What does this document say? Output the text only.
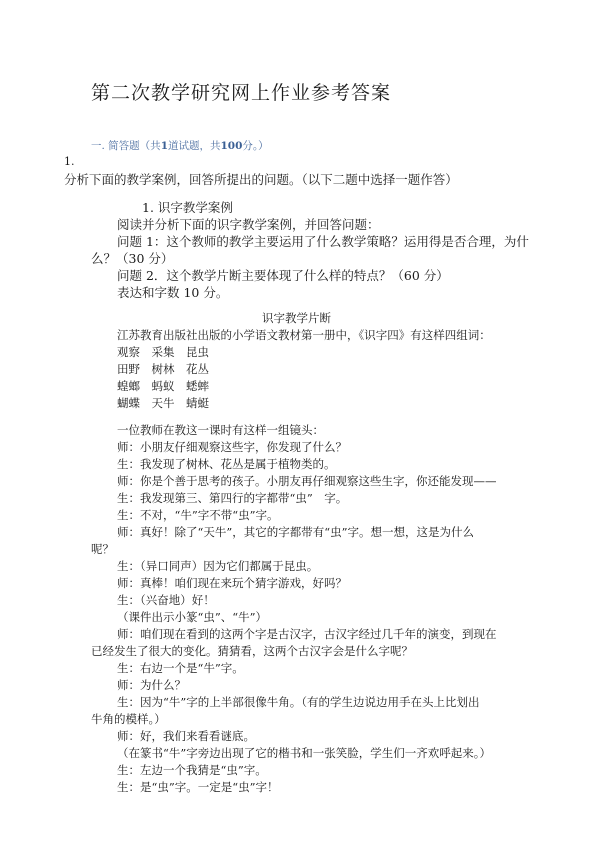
第二次教学研究网上作业参考答案
一. 简答题（共1道试题，共100分。）
1.
分析下面的教学案例，回答所提出的问题。（以下二题中选择一题作答）
1. 识字教学案例
阅读并分析下面的识字教学案例，并回答问题：
问题 1：这个教师的教学主要运用了什么教学策略？运用得是否合理，为什
么？（30 分）
问题 2．这个教学片断主要体现了什么样的特点？（60 分）
表达和字数 10 分。
识字教学片断
江苏教育出版社出版的小学语文教材第一册中，《识字四》有这样四组词：
观察　采集　昆虫
田野　树林　花丛
蝗螂　蚂蚁　蟋蟀
蝴蝶　天牛　蜻蜓
一位教师在教这一课时有这样一组镜头：
师：小朋友仔细观察这些字，你发现了什么？
生：我发现了树林、花丛是属于植物类的。
师：你是个善于思考的孩子。小朋友再仔细观察这些生字，你还能发现——
生：我发现第三、第四行的字都带“虫”　字。
生：不对，“牛”字不带“虫”字。
师：真好！除了“天牛”，其它的字都带有“虫”字。想一想，这是为什么
呢？
生：（异口同声）因为它们都属于昆虫。
师：真棒！咱们现在来玩个猜字游戏，好吗？
生：（兴奋地）好！
（课件出示小篆“虫”、“牛”）
师：咱们现在看到的这两个字是古汉字，古汉字经过几千年的演变，到现在
已经发生了很大的变化。猜猜看，这两个古汉字会是什么字呢？
生：右边一个是“牛”字。
师：为什么？
生：因为“牛”字的上半部很像牛角。（有的学生边说边用手在头上比划出
牛角的模样。）
师：好，我们来看看谜底。
（在篆书“牛”字旁边出现了它的楷书和一张笑脸，学生们一齐欢呼起来。）
生：左边一个我猜是“虫”字。
生：是“虫”字。一定是“虫”字！
